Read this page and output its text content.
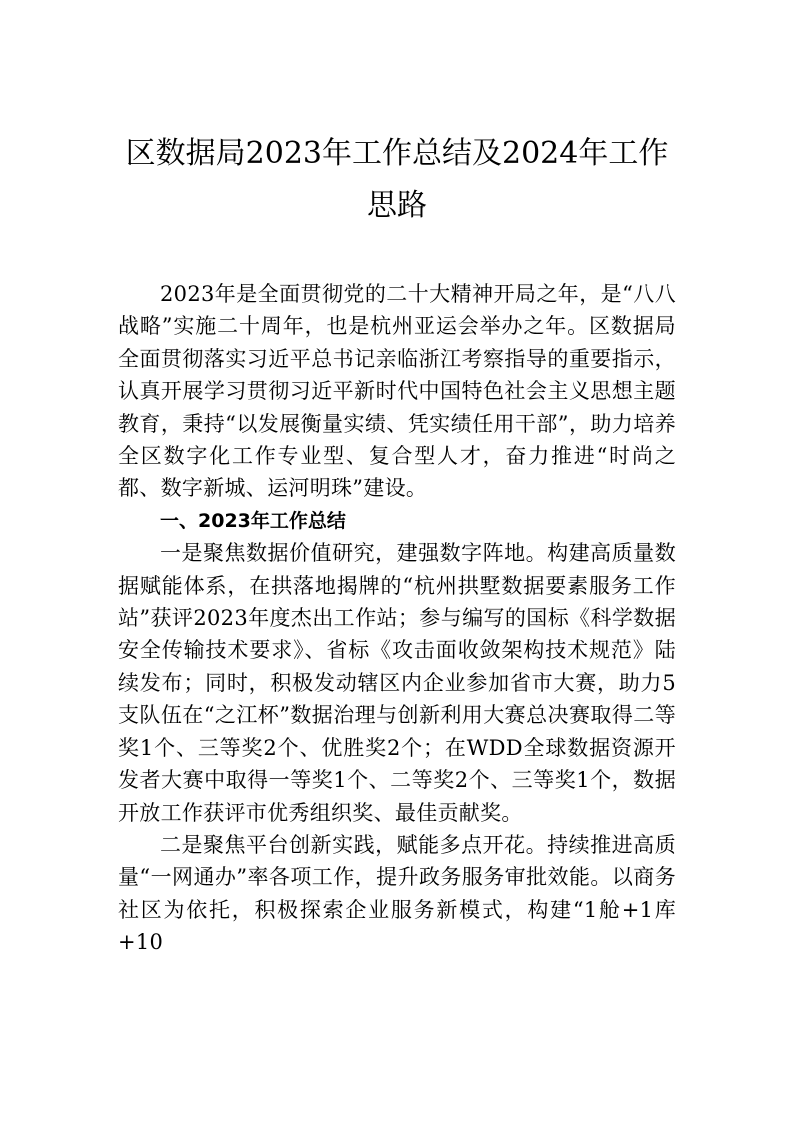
区数据局2023年工作总结及2024年工作思路

2023年是全面贯彻党的二十大精神开局之年，是“八八战略”实施二十周年，也是杭州亚运会举办之年。区数据局全面贯彻落实习近平总书记亲临浙江考察指导的重要指示，认真开展学习贯彻习近平新时代中国特色社会主义思想主题教育，秉持“以发展衡量实绩、凭实绩任用干部”，助力培养全区数字化工作专业型、复合型人才，奋力推进“时尚之都、数字新城、运河明珠”建设。

一、2023年工作总结

一是聚焦数据价值研究，建强数字阵地。构建高质量数据赋能体系，在拱落地揭牌的“杭州拱墅数据要素服务工作站”获评2023年度杰出工作站；参与编写的国标《科学数据安全传输技术要求》、省标《攻击面收敛架构技术规范》陆续发布；同时，积极发动辖区内企业参加省市大赛，助力5支队伍在“之江杯”数据治理与创新利用大赛总决赛取得二等奖1个、三等奖2个、优胜奖2个；在WDD全球数据资源开发者大赛中取得一等奖1个、二等奖2个、三等奖1个，数据开放工作获评市优秀组织奖、最佳贡献奖。

二是聚焦平台创新实践，赋能多点开花。持续推进高质量“一网通办”率各项工作，提升政务服务审批效能。以商务社区为依托，积极探索企业服务新模式，构建“1舱+1库+10
